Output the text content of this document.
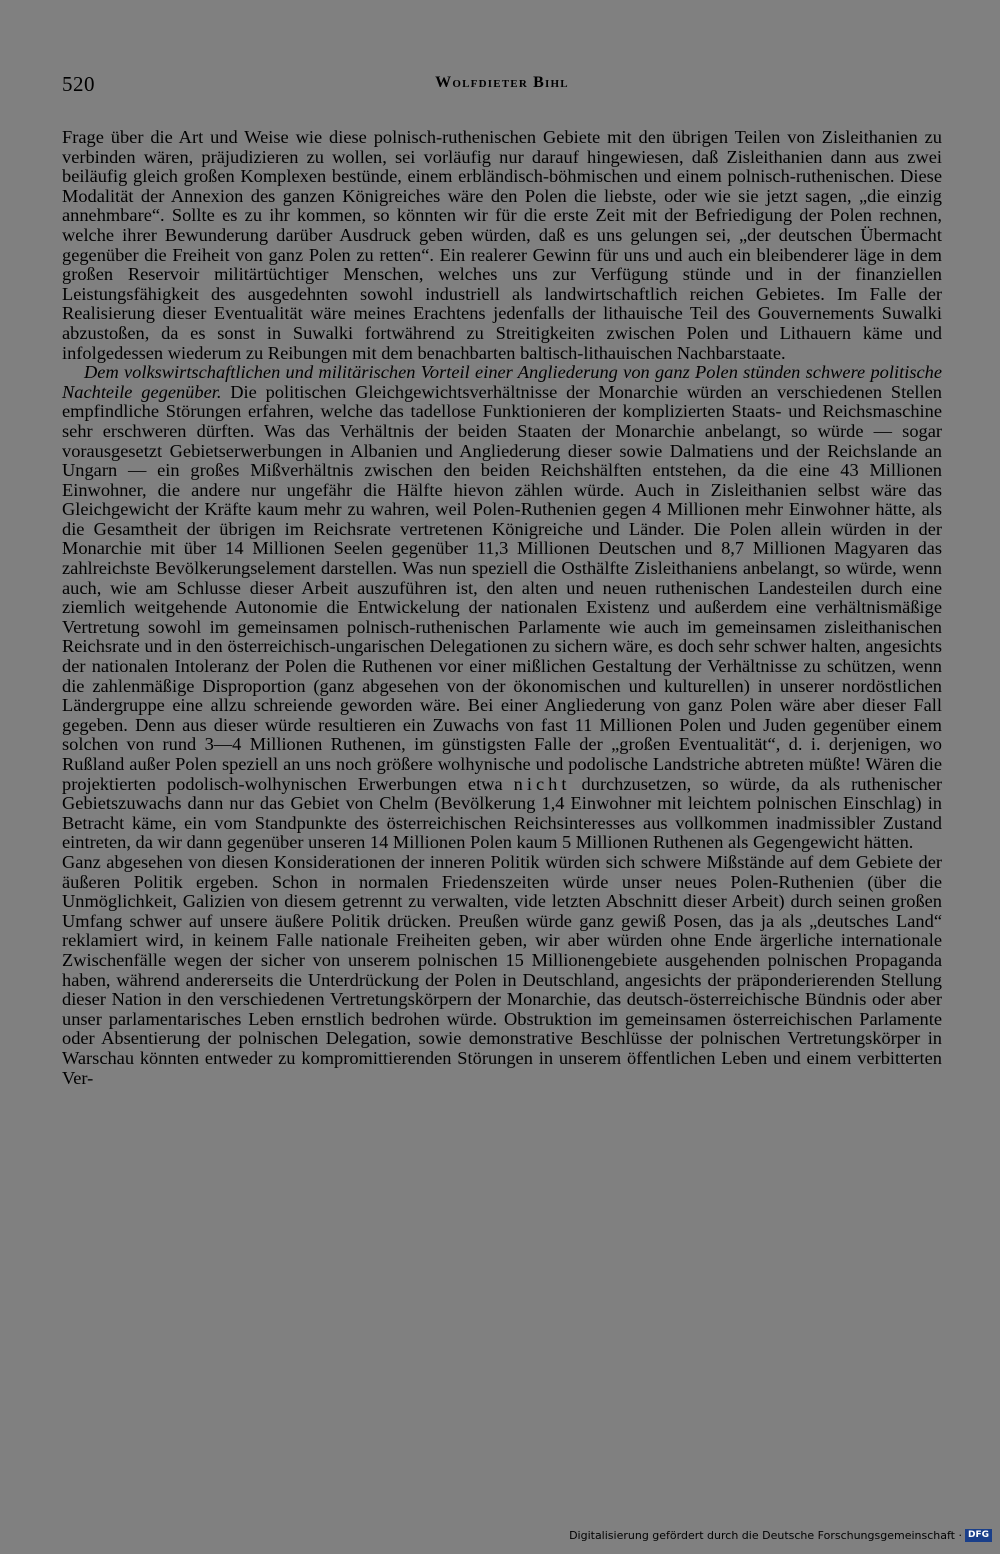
520	Wolfdieter Bihl

Frage über die Art und Weise wie diese polnisch-ruthenischen Gebiete mit den übrigen Teilen von Zisleithanien zu verbinden wären, präjudizieren zu wollen, sei vorläufig nur darauf hingewiesen, daß Zisleithanien dann aus zwei beiläufig gleich großen Komplexen bestünde, einem erbländisch-böhmischen und einem polnisch-ruthenischen. Diese Modalität der Annexion des ganzen Königreiches wäre den Polen die liebste, oder wie sie jetzt sagen, „die einzig annehmbare“. Sollte es zu ihr kommen, so könnten wir für die erste Zeit mit der Befriedigung der Polen rechnen, welche ihrer Bewunderung darüber Ausdruck geben würden, daß es uns gelungen sei, „der deutschen Übermacht gegenüber die Freiheit von ganz Polen zu retten“. Ein realerer Gewinn für uns und auch ein bleibenderer läge in dem großen Reservoir militärtüchtiger Menschen, welches uns zur Verfügung stünde und in der finanziellen Leistungsfähigkeit des ausgedehnten sowohl industriell als landwirtschaftlich reichen Gebietes. Im Falle der Realisierung dieser Eventualität wäre meines Erachtens jedenfalls der lithauische Teil des Gouvernements Suwalki abzustoßen, da es sonst in Suwalki fortwährend zu Streitigkeiten zwischen Polen und Lithauern käme und infolgedessen wiederum zu Reibungen mit dem benachbarten baltisch-lithauischen Nachbarstaate.

Dem volkswirtschaftlichen und militärischen Vorteil einer Angliederung von ganz Polen stünden schwere politische Nachteile gegenüber. Die politischen Gleichgewichtsverhältnisse der Monarchie würden an verschiedenen Stellen empfindliche Störungen erfahren, welche das tadellose Funktionieren der komplizierten Staats- und Reichsmaschine sehr erschweren dürften. Was das Verhältnis der beiden Staaten der Monarchie anbelangt, so würde — sogar vorausgesetzt Gebietserwerbungen in Albanien und Angliederung dieser sowie Dalmatiens und der Reichslande an Ungarn — ein großes Mißverhältnis zwischen den beiden Reichshälften entstehen, da die eine 43 Millionen Einwohner, die andere nur ungefähr die Hälfte hievon zählen würde. Auch in Zisleithanien selbst wäre das Gleichgewicht der Kräfte kaum mehr zu wahren, weil Polen-Ruthenien gegen 4 Millionen mehr Einwohner hätte, als die Gesamtheit der übrigen im Reichsrate vertretenen Königreiche und Länder. Die Polen allein würden in der Monarchie mit über 14 Millionen Seelen gegenüber 11,3 Millionen Deutschen und 8,7 Millionen Magyaren das zahlreichste Bevölkerungselement darstellen. Was nun speziell die Osthälfte Zisleithaniens anbelangt, so würde, wenn auch, wie am Schlusse dieser Arbeit auszuführen ist, den alten und neuen ruthenischen Landesteilen durch eine ziemlich weitgehende Autonomie die Entwickelung der nationalen Existenz und außerdem eine verhältnismäßige Vertretung sowohl im gemeinsamen polnisch-ruthenischen Parlamente wie auch im gemeinsamen zisleithanischen Reichsrate und in den österreichisch-ungarischen Delegationen zu sichern wäre, es doch sehr schwer halten, angesichts der nationalen Intoleranz der Polen die Ruthenen vor einer mißlichen Gestaltung der Verhältnisse zu schützen, wenn die zahlenmäßige Disproportion (ganz abgesehen von der ökonomischen und kulturellen) in unserer nordöstlichen Ländergruppe eine allzu schreiende geworden wäre. Bei einer Angliederung von ganz Polen wäre aber dieser Fall gegeben. Denn aus dieser würde resultieren ein Zuwachs von fast 11 Millionen Polen und Juden gegenüber einem solchen von rund 3—4 Millionen Ruthenen, im günstigsten Falle der „großen Eventualität“, d. i. derjenigen, wo Rußland außer Polen speziell an uns noch größere wolhynische und podolische Landstriche abtreten müßte! Wären die projektierten podolisch-wolhynischen Erwerbungen etwa nicht durchzusetzen, so würde, da als ruthenischer Gebietszuwachs dann nur das Gebiet von Chelm (Bevölkerung 1,4 Einwohner mit leichtem polnischen Einschlag) in Betracht käme, ein vom Standpunkte des österreichischen Reichsinteresses aus vollkommen inadmissibler Zustand eintreten, da wir dann gegenüber unseren 14 Millionen Polen kaum 5 Millionen Ruthenen als Gegengewicht hätten.

Ganz abgesehen von diesen Konsiderationen der inneren Politik würden sich schwere Mißstände auf dem Gebiete der äußeren Politik ergeben. Schon in normalen Friedenszeiten würde unser neues Polen-Ruthenien (über die Unmöglichkeit, Galizien von diesem getrennt zu verwalten, vide letzten Abschnitt dieser Arbeit) durch seinen großen Umfang schwer auf unsere äußere Politik drücken. Preußen würde ganz gewiß Posen, das ja als „deutsches Land“ reklamiert wird, in keinem Falle nationale Freiheiten geben, wir aber würden ohne Ende ärgerliche internationale Zwischenfälle wegen der sicher von unserem polnischen 15 Millionengebiete ausgehenden polnischen Propaganda haben, während andererseits die Unterdrückung der Polen in Deutschland, angesichts der präponderierenden Stellung dieser Nation in den verschiedenen Vertretungskörpern der Monarchie, das deutsch-österreichische Bündnis oder aber unser parlamentarisches Leben ernstlich bedrohen würde. Obstruktion im gemeinsamen österreichischen Parlamente oder Absentierung der polnischen Delegation, sowie demonstrative Beschlüsse der polnischen Vertretungskörper in Warschau könnten entweder zu kompromittierenden Störungen in unserem öffentlichen Leben und einem verbitterten Ver-

Digitalisierung gefördert durch die Deutsche Forschungsgemeinschaft · DFG
